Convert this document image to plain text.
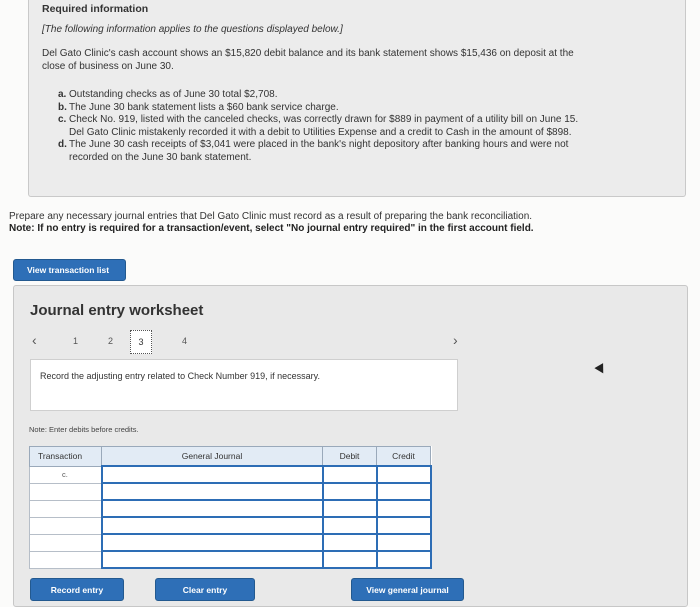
Required information
[The following information applies to the questions displayed below.]
Del Gato Clinic's cash account shows an $15,820 debit balance and its bank statement shows $15,436 on deposit at the
close of business on June 30.
a. Outstanding checks as of June 30 total $2,708.
b. The June 30 bank statement lists a $60 bank service charge.
c. Check No. 919, listed with the canceled checks, was correctly drawn for $889 in payment of a utility bill on June 15.
Del Gato Clinic mistakenly recorded it with a debit to Utilities Expense and a credit to Cash in the amount of $898.
d. The June 30 cash receipts of $3,041 were placed in the bank's night depository after banking hours and were not
recorded on the June 30 bank statement.
Prepare any necessary journal entries that Del Gato Clinic must record as a result of preparing the bank reconciliation.
Note: If no entry is required for a transaction/event, select "No journal entry required" in the first account field.
View transaction list
Journal entry worksheet
‹	1	2	3	4	›
Record the adjusting entry related to Check Number 919, if necessary.
Note: Enter debits before credits.
Transaction	General Journal	Debit	Credit
c.			

Record entry	Clear entry	View general journal
